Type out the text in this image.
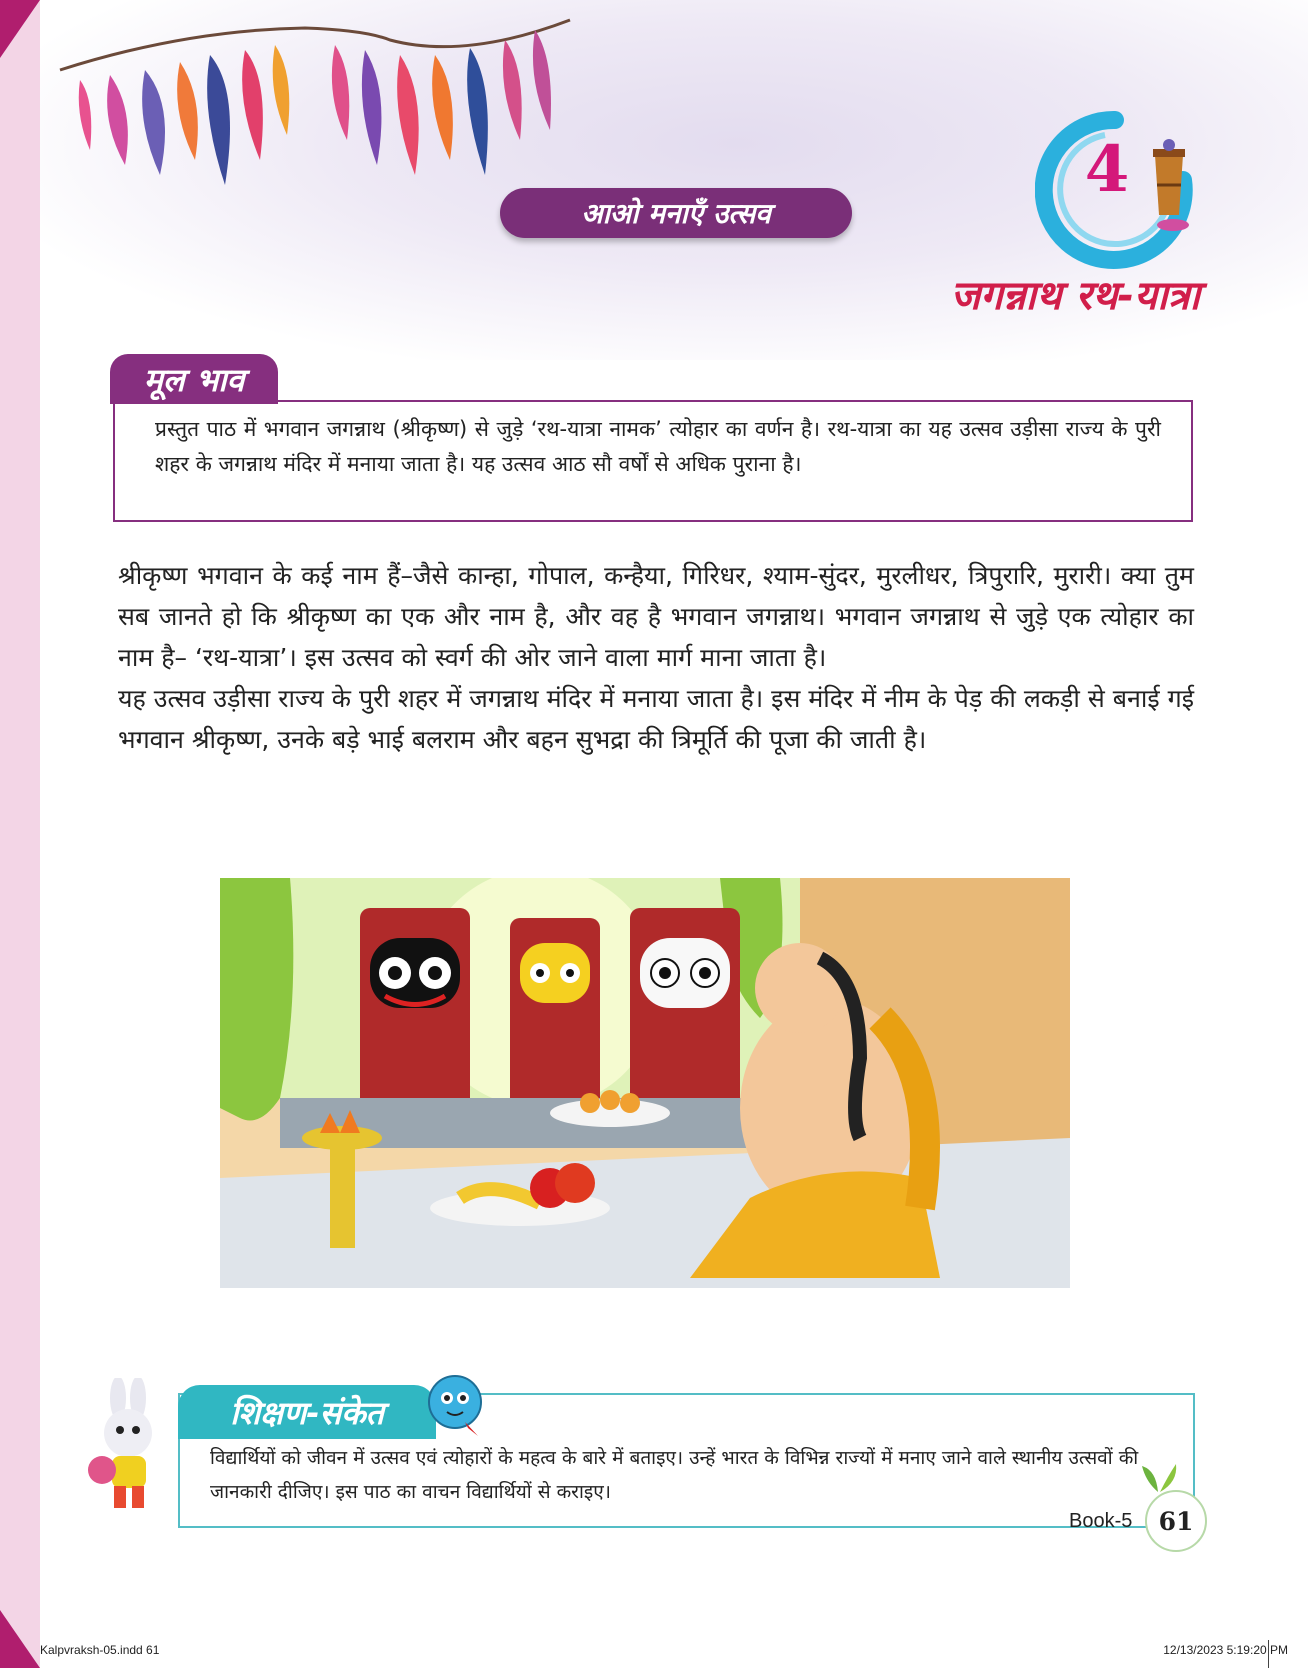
आओ मनाएँ उत्सव
4
जगन्नाथ रथ-यात्रा
मूल भाव
प्रस्तुत पाठ में भगवान जगन्नाथ (श्रीकृष्ण) से जुड़े ‘रथ-यात्रा नामक’ त्योहार का वर्णन है। रथ-यात्रा का यह उत्सव उड़ीसा राज्य के पुरी शहर के जगन्नाथ मंदिर में मनाया जाता है। यह उत्सव आठ सौ वर्षों से अधिक पुराना है।

श्रीकृष्ण भगवान के कई नाम हैं–जैसे कान्हा, गोपाल, कन्हैया, गिरिधर, श्याम-सुंदर, मुरलीधर, त्रिपुरारि, मुरारी। क्या तुम सब जानते हो कि श्रीकृष्ण का एक और नाम है, और वह है भगवान जगन्नाथ। भगवान जगन्नाथ से जुड़े एक त्योहार का नाम है– ‘रथ-यात्रा’। इस उत्सव को स्वर्ग की ओर जाने वाला मार्ग माना जाता है।

यह उत्सव उड़ीसा राज्य के पुरी शहर में जगन्नाथ मंदिर में मनाया जाता है। इस मंदिर में नीम के पेड़ की लकड़ी से बनाई गई भगवान श्रीकृष्ण, उनके बड़े भाई बलराम और बहन सुभद्रा की त्रिमूर्ति की पूजा की जाती है।

विद्यार्थियों को जीवन में उत्सव एवं त्योहारों के महत्व के बारे में बताइए। उन्हें भारत के विभिन्न राज्यों में मनाए जाने वाले स्थानीय उत्सवों की जानकारी दीजिए। इस पाठ का वाचन विद्यार्थियों से कराइए।
शिक्षण-संकेत
Book-5	61
Kalpvraksh-05.indd 61	12/13/2023 5:19:20 PM
